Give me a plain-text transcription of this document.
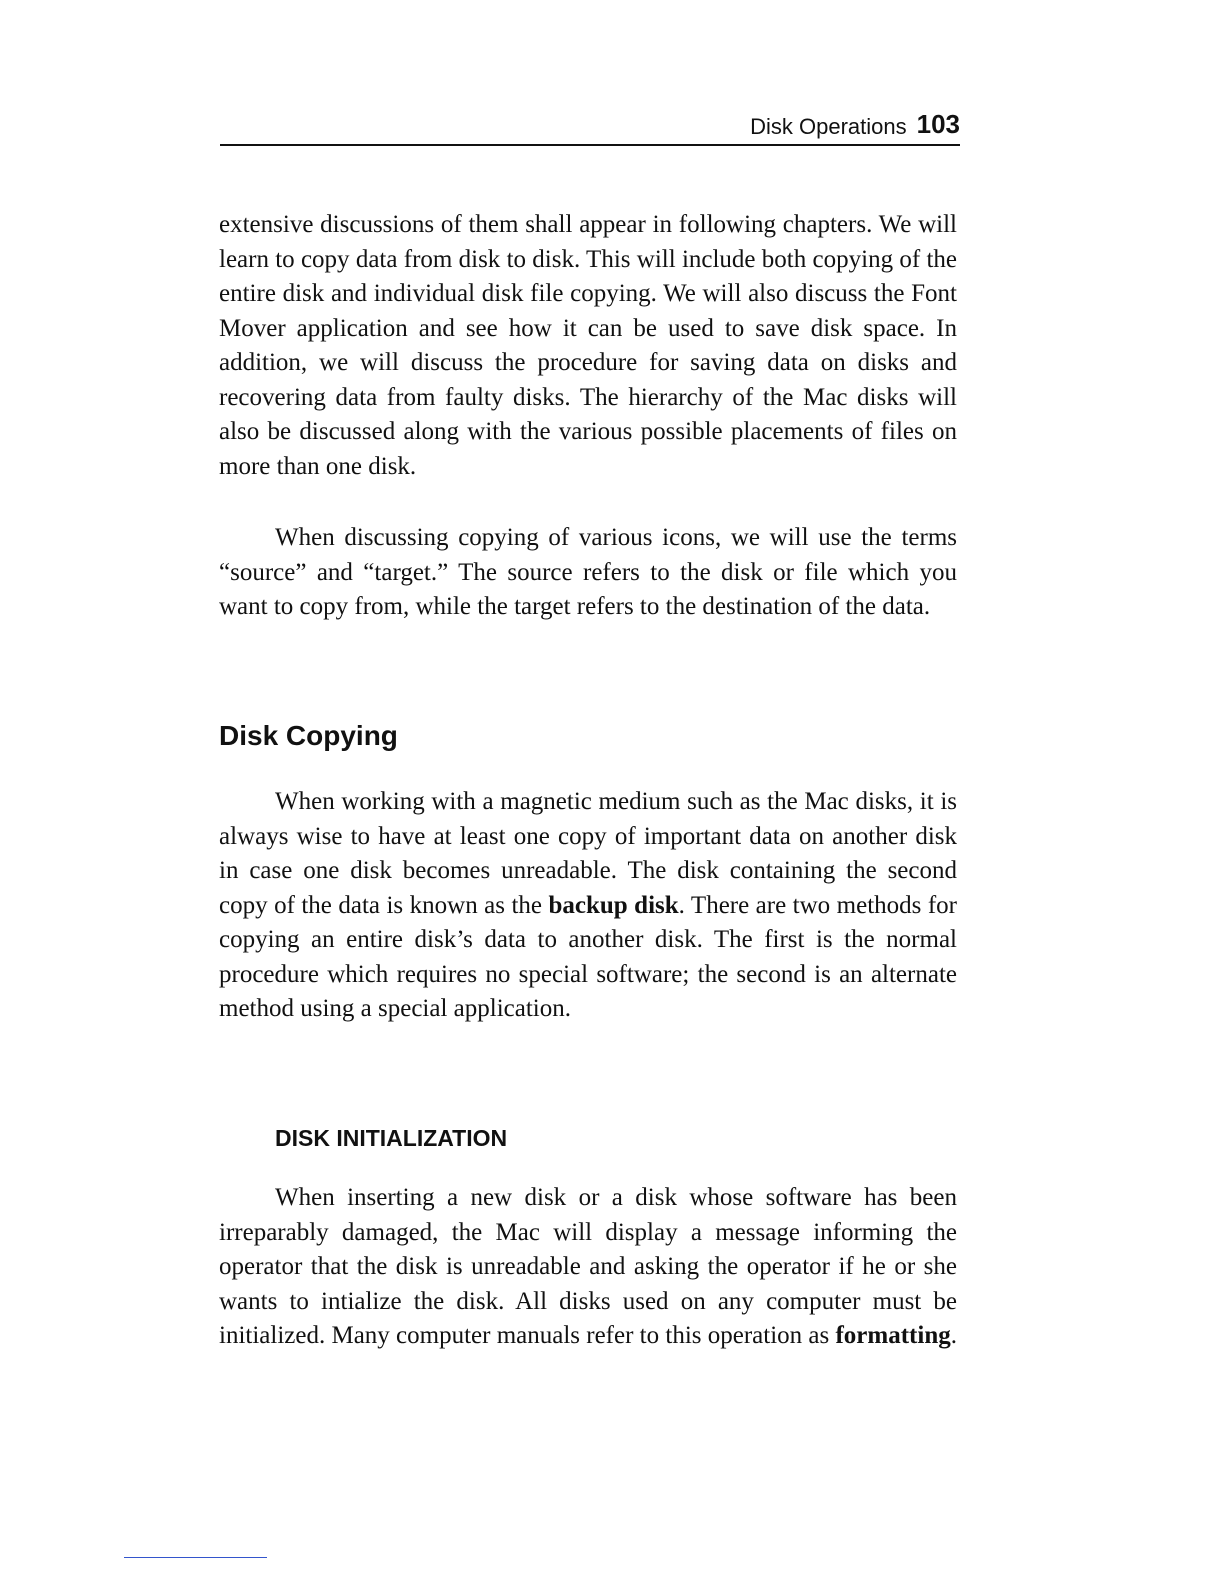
Disk Operations 103

extensive discussions of them shall appear in following chapters. We will learn to copy data from disk to disk. This will include both copying of the entire disk and individual disk file copying. We will also discuss the Font Mover application and see how it can be used to save disk space. In addition, we will discuss the procedure for saving data on disks and recovering data from faulty disks. The hierarchy of the Mac disks will also be discussed along with the various possible placements of files on more than one disk.

When discussing copying of various icons, we will use the terms “source” and “target.” The source refers to the disk or file which you want to copy from, while the target refers to the destination of the data.

Disk Copying

When working with a magnetic medium such as the Mac disks, it is always wise to have at least one copy of important data on another disk in case one disk becomes unreadable. The disk containing the second copy of the data is known as the backup disk. There are two methods for copying an entire disk’s data to another disk. The first is the normal procedure which requires no special software; the second is an alternate method using a special application.

DISK INITIALIZATION

When inserting a new disk or a disk whose software has been irreparably damaged, the Mac will display a message informing the operator that the disk is unreadable and asking the operator if he or she wants to intialize the disk. All disks used on any computer must be initialized. Many computer manuals refer to this operation as formatting.
